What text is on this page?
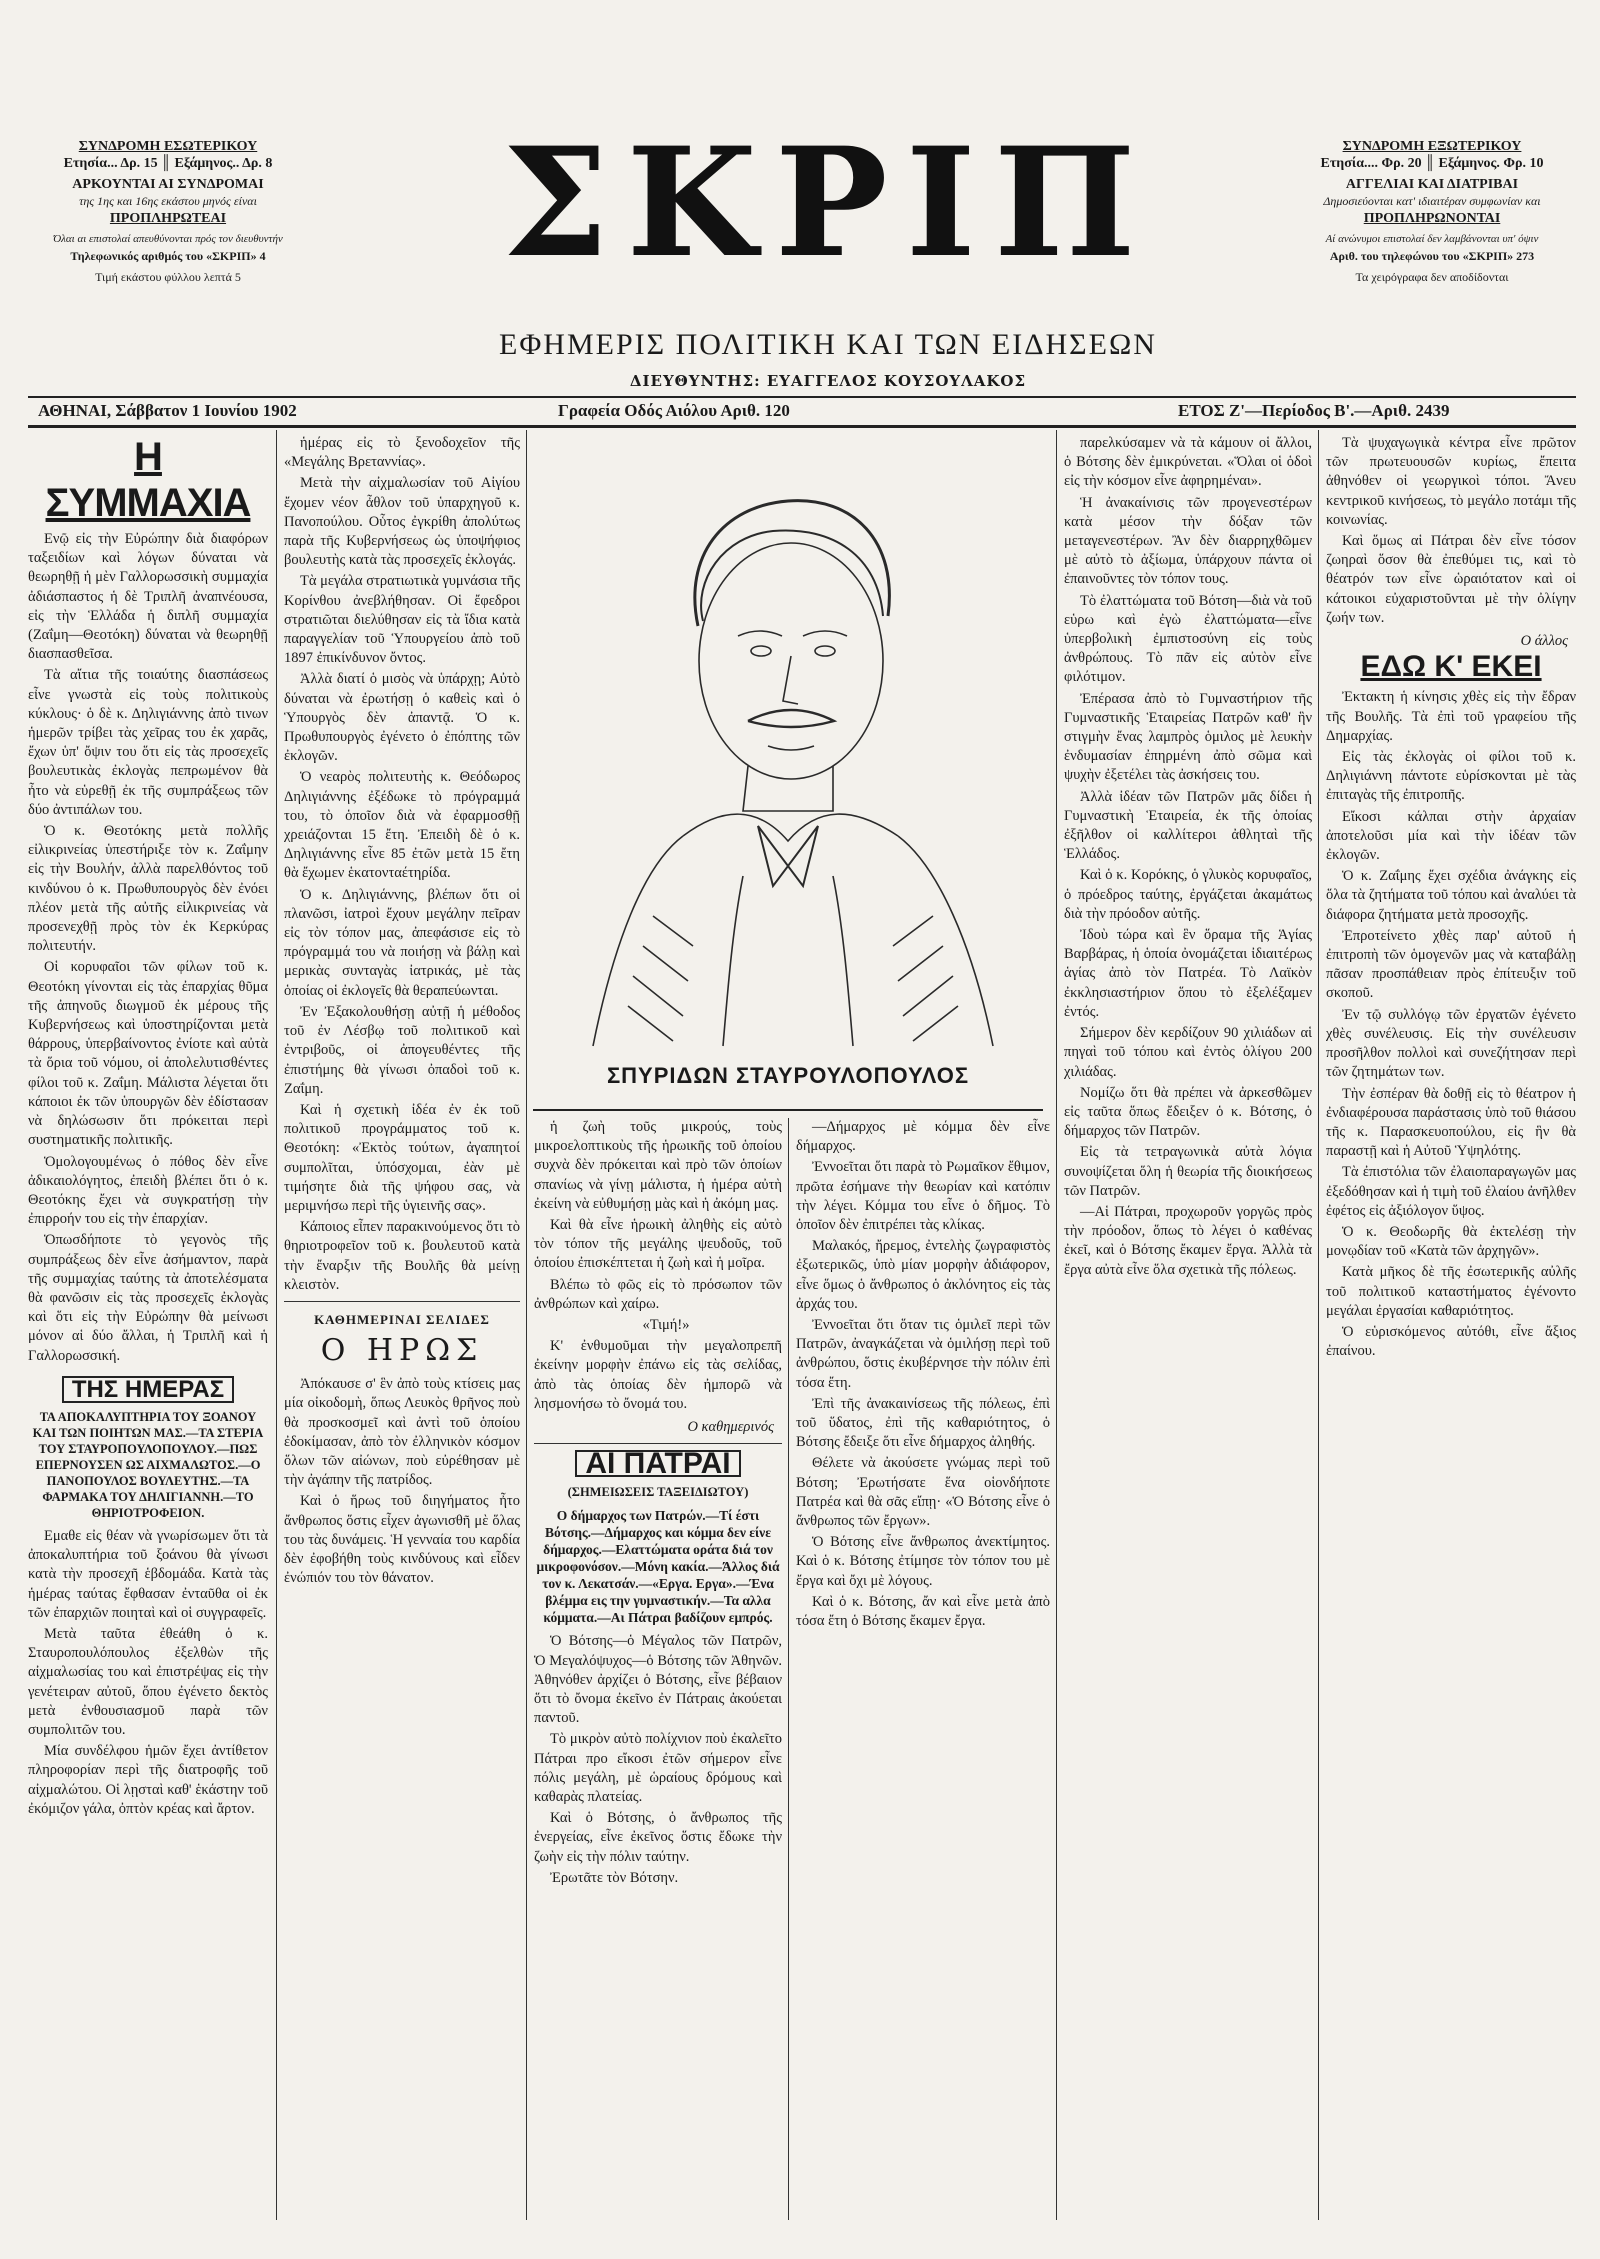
ΣΥΝΔΡΟΜΗ ΕΣΩΤΕΡΙΚΟΥ
Ετησία... Δρ. 15 ║ Εξάμηνος.. Δρ. 8
ΑΡΚΟΥΝΤΑΙ ΑΙ ΣΥΝΔΡΟΜΑΙ
της 1ης και 16ης εκάστου μηνός είναι
ΠΡΟΠΛΗΡΩΤΕΑΙ
Όλαι αι επιστολαί απευθύνονται πρός τον διευθυντήν
Τηλεφωνικός αριθμός του «ΣΚΡΙΠ» 4
Τιμή εκάστου φύλλου λεπτά 5	ΣΚΡΙΠ
ΕΦΗΜΕΡΙΣ ΠΟΛΙΤΙΚΗ ΚΑΙ ΤΩΝ ΕΙΔΗΣΕΩΝ
ΔΙΕΥΘΥΝΤΗΣ: ΕΥΑΓΓΕΛΟΣ ΚΟΥΣΟΥΛΑΚΟΣ
ΣΥΝΔΡΟΜΗ ΕΞΩΤΕΡΙΚΟΥ
Ετησία.... Φρ. 20 ║ Εξάμηνος. Φρ. 10
ΑΓΓΕΛΙΑΙ ΚΑΙ ΔΙΑΤΡΙΒΑΙ
Δημοσιεύονται κατ' ιδιαιτέραν συμφωνίαν και
ΠΡΟΠΛΗΡΩΝΟΝΤΑΙ
Αί ανώνυμοι επιστολαί δεν λαμβάνονται υπ' όψιν
Αριθ. του τηλεφώνου του «ΣΚΡΙΠ» 273
Τα χειρόγραφα δεν αποδίδονται
ΑΘΗΝΑΙ, Σάββατον 1 Ιουνίου 1902	Γραφεία Οδός Αιόλου Αριθ. 120	ΕΤΟΣ Ζ'—Περίοδος Β'.—Αριθ. 2439
Η ΣΥΜΜΑΧΙΑ

Ενῷ εἰς τὴν Εὐρώπην διὰ διαφόρων ταξειδίων καὶ λόγων δύναται νὰ θεωρηθῇ ἡ μὲν Γαλλορωσσικὴ συμμαχία ἀδιάσπαστος ἡ δὲ Τριπλῆ ἀναπνέουσα, εἰς τὴν Ἑλλάδα ἡ διπλῆ συμμαχία (Ζαΐμη—Θεοτόκη) δύναται νὰ θεωρηθῇ διασπασθεῖσα.

Τὰ αἴτια τῆς τοιαύτης διασπάσεως εἶνε γνωστὰ εἰς τοὺς πολιτικοὺς κύκλους· ὁ δὲ κ. Δηλιγιάννης ἀπὸ τινων ἡμερῶν τρίβει τὰς χεῖρας του ἐκ χαρᾶς, ἔχων ὑπ' ὄψιν του ὅτι εἰς τὰς προσεχεῖς βουλευτικὰς ἐκλογὰς πεπρωμένον θὰ ἦτο νὰ εὑρεθῇ ἐκ τῆς συμπράξεως τῶν δύο ἀντιπάλων του.

Ὁ κ. Θεοτόκης μετὰ πολλῆς εἰλικρινείας ὑπεστήριξε τὸν κ. Ζαΐμην εἰς τὴν Βουλήν, ἀλλὰ παρελθόντος τοῦ κινδύνου ὁ κ. Πρωθυπουργὸς δὲν ἐνόει πλέον μετὰ τῆς αὐτῆς εἰλικρινείας νὰ προσενεχθῇ πρὸς τὸν ἐκ Κερκύρας πολιτευτήν.

Οἱ κορυφαῖοι τῶν φίλων τοῦ κ. Θεοτόκη γίνονται εἰς τὰς ἐπαρχίας θῦμα τῆς ἀπηνοῦς διωγμοῦ ἐκ μέρους τῆς Κυβερνήσεως καὶ ὑποστηρίζονται μετὰ θάρρους, ὑπερβαίνοντος ἐνίοτε καὶ αὐτὰ τὰ ὅρια τοῦ νόμου, οἱ ἀπολελυτισθέντες φίλοι τοῦ κ. Ζαΐμη. Μάλιστα λέγεται ὅτι κάποιοι ἐκ τῶν ὑπουργῶν δὲν ἐδίστασαν νὰ δηλώσωσιν ὅτι πρόκειται περὶ συστηματικῆς πολιτικῆς.

Ὁμολογουμένως ὁ πόθος δὲν εἶνε ἀδικαιολόγητος, ἐπειδὴ βλέπει ὅτι ὁ κ. Θεοτόκης ἔχει νὰ συγκρατήσῃ τὴν ἐπιρροήν του εἰς τὴν ἐπαρχίαν.

Ὁπωσδήποτε τὸ γεγονὸς τῆς συμπράξεως δὲν εἶνε ἀσήμαντον, παρὰ τῆς συμμαχίας ταύτης τὰ ἀποτελέσματα θὰ φανῶσιν εἰς τὰς προσεχεῖς ἐκλογὰς καὶ ὅτι εἰς τὴν Εὐρώπην θὰ μείνωσι μόνον αἱ δύο ἄλλαι, ἡ Τριπλῆ καὶ ἡ Γαλλορωσσική.

ΤΗΣ ΗΜΕΡΑΣ
ΤΑ ΑΠΟΚΑΛΥΠΤΗΡΙΑ ΤΟΥ ΞΟΑΝΟΥ ΚΑΙ ΤΩΝ ΠΟΙΗΤΩΝ ΜΑΣ.—ΤΑ ΣΤΕΡΙΑ ΤΟΥ ΣΤΑΥΡΟΠΟΥΛΟΠΟΥΛΟΥ.—ΠΩΣ ΕΠΕΡΝΟΥΣΕΝ ΩΣ ΑΙΧΜΑΛΩΤΟΣ.—Ο ΠΑΝΟΠΟΥΛΟΣ ΒΟΥΛΕΥΤΗΣ.—ΤΑ ΦΑΡΜΑΚΑ ΤΟΥ ΔΗΛΙΓΙΑΝΝΗ.—ΤΟ ΘΗΡΙΟΤΡΟΦΕΙΟΝ.

Εμαθε εἰς θέαν νὰ γνωρίσωμεν ὅτι τὰ ἀποκαλυπτήρια τοῦ ξοάνου θὰ γίνωσι κατὰ τὴν προσεχῆ ἑβδομάδα. Κατὰ τὰς ἡμέρας ταύτας ἔφθασαν ἐνταῦθα οἱ ἐκ τῶν ἐπαρχιῶν ποιηταὶ καὶ οἱ συγγραφεῖς.

Μετὰ ταῦτα ἐθεάθη ὁ κ. Σταυροπουλόπουλος ἐξελθὼν τῆς αἰχμαλωσίας του καὶ ἐπιστρέψας εἰς τὴν γενέτειραν αὐτοῦ, ὅπου ἐγένετο δεκτὸς μετὰ ἐνθουσιασμοῦ παρὰ τῶν συμπολιτῶν του.

Μία συνδέλφου ἡμῶν ἔχει ἀντίθετον πληροφορίαν περὶ τῆς διατροφῆς τοῦ αἰχμαλώτου. Οἱ λῃσταὶ καθ' ἑκάστην τοῦ ἐκόμιζον γάλα, ὀπτὸν κρέας καὶ ἄρτον.

ἡμέρας εἰς τὸ ξενοδοχεῖον τῆς «Μεγάλης Βρεταννίας».

Μετὰ τὴν αἰχμαλωσίαν τοῦ Αἰγίου ἔχομεν νέον ἆθλον τοῦ ὑπαρχηγοῦ κ. Πανοπούλου. Οὗτος ἐγκρίθη ἀπολύτως παρὰ τῆς Κυβερνήσεως ὡς ὑποψήφιος βουλευτὴς κατὰ τὰς προσεχεῖς ἐκλογάς.

Τὰ μεγάλα στρατιωτικὰ γυμνάσια τῆς Κορίνθου ἀνεβλήθησαν. Οἱ ἔφεδροι στρατιῶται διελύθησαν εἰς τὰ ἴδια κατὰ παραγγελίαν τοῦ Ὑπουργείου ἀπὸ τοῦ 1897 ἐπικίνδυνον ὄντος.

Ἀλλὰ διατί ὁ μισὸς νὰ ὑπάρχῃ; Αὐτὸ δύναται νὰ ἐρωτήσῃ ὁ καθεὶς καὶ ὁ Ὑπουργὸς δὲν ἀπαντᾷ. Ὁ κ. Πρωθυπουργὸς ἐγένετο ὁ ἐπόπτης τῶν ἐκλογῶν.

Ὁ νεαρὸς πολιτευτὴς κ. Θεόδωρος Δηλιγιάννης ἐξέδωκε τὸ πρόγραμμά του, τὸ ὁποῖον διὰ νὰ ἐφαρμοσθῇ χρειάζονται 15 ἔτη. Ἐπειδὴ δὲ ὁ κ. Δηλιγιάννης εἶνε 85 ἐτῶν μετὰ 15 ἔτη θὰ ἔχωμεν ἑκατονταέτηρίδα.

Ὁ κ. Δηλιγιάννης, βλέπων ὅτι οἱ πλανῶσι, ἰατροὶ ἔχουν μεγάλην πεῖραν εἰς τὸν τόπον μας, ἀπεφάσισε εἰς τὸ πρόγραμμά του νὰ ποιήσῃ νὰ βάλῃ καὶ μερικὰς συνταγὰς ἰατρικάς, μὲ τὰς ὁποίας οἱ ἐκλογεῖς θὰ θεραπεύωνται.

Ἐν Ἐξακολουθήσῃ αὐτῇ ἡ μέθοδος τοῦ ἐν Λέσβῳ τοῦ πολιτικοῦ καὶ ἐντριβοῦς, οἱ ἀπογευθέντες τῆς ἐπιστήμης θὰ γίνωσι ὀπαδοὶ τοῦ κ. Ζαΐμη.

Καὶ ἡ σχετικὴ ἰδέα ἐν ἐκ τοῦ πολιτικοῦ προγράμματος τοῦ κ. Θεοτόκη: «Ἐκτὸς τούτων, ἀγαπητοί συμπολῖται, ὑπόσχομαι, ἐὰν μὲ τιμήσητε διὰ τῆς ψήφου σας, νὰ μεριμνήσω περὶ τῆς ὑγιεινῆς σας».

Κάποιος εἶπεν παρακινούμενος ὅτι τὸ θηριοτροφεῖον τοῦ κ. βουλευτοῦ κατὰ τὴν ἔναρξιν τῆς Βουλῆς θὰ μείνῃ κλειστὸν.

ΚΑΘΗΜΕΡΙΝΑΙ ΣΕΛΙΔΕΣ
Ο ΗΡΩΣ

Ἀπόκαυσε σ' ἓν ἀπὸ τοὺς κτίσεις μας μία οἰκοδομὴ, ὅπως Λευκὸς θρῆνος ποὺ θὰ προσκοσμεῖ καὶ ἀντὶ τοῦ ὁποίου ἐδοκίμασαν, ἀπὸ τὸν ἐλληνικὸν κόσμον ὅλων τῶν αἰώνων, ποὺ εὐρέθησαν μὲ τὴν ἀγάπην τῆς πατρίδος.

Καὶ ὁ ἥρως τοῦ διηγήματος ἦτο ἄνθρωπος ὅστις εἶχεν ἀγωνισθῆ μὲ ὅλας του τὰς δυνάμεις. Ἡ γενναία του καρδία δὲν ἐφοβήθη τοὺς κινδύνους καὶ εἶδεν ἐνώπιόν του τὸν θάνατον.

ΣΠΥΡΙΔΩΝ ΣΤΑΥΡΟΥΛΟΠΟΥΛΟΣ

ἡ ζωὴ τοῦς μικρούς, τοὺς μικροελοπτικοὺς τῆς ἡρωικῆς τοῦ ὁποίου συχνὰ δὲν πρόκειται καὶ πρὸ τῶν ὁποίων σπανίως νὰ γίνῃ μάλιστα, ἡ ἡμέρα αὐτὴ ἐκείνη νὰ εὐθυμήσῃ μὰς καὶ ἡ ἀκόμη μας.

Καὶ θὰ εἶνε ἡρωικὴ ἀληθὴς εἰς αὐτὸ τὸν τόπον τῆς μεγάλης ψευδοῦς, τοῦ ὁποίου ἐπισκέπτεται ἡ ζωὴ καὶ ἡ μοῖρα.

Βλέπω τὸ φῶς εἰς τὸ πρόσωπον τῶν ἀνθρώπων καὶ χαίρω.

«Τιμή!»

Κ' ἐνθυμοῦμαι τὴν μεγαλοπρεπῆ ἐκείνην μορφὴν ἐπάνω εἰς τὰς σελίδας, ἀπὸ τὰς ὁποίας δὲν ἠμπορῶ νὰ λησμονήσω τὸ ὄνομά του.

Ο καθημερινός
ΑΙ ΠΑΤΡΑΙ
(ΣΗΜΕΙΩΣΕΙΣ ΤΑΞΕΙΔΙΩΤΟΥ)
Ο δήμαρχος των Πατρών.—Τί έστι Βότσης.—Δήμαρχος και κόμμα δεν είνε δήμαρχος.—Ελαττώματα οράτα διά τον μικροφονόσον.—Μόνη κακία.—Άλλος διά τον κ. Λεκατσάν.—«Εργα. Εργα».—Ένα βλέμμα εις την γυμναστικήν.—Τα αλλα κόμματα.—Αι Πάτραι βαδίζουν εμπρός.

Ὁ Βότσης—ὁ Μέγαλος τῶν Πατρῶν, Ὁ Μεγαλόψυχος—ὁ Βότσης τῶν Ἀθηνῶν. Ἀθηνόθεν ἀρχίζει ὁ Βότσης, εἶνε βέβαιον ὅτι τὸ ὄνομα ἐκεῖνο ἐν Πάτραις ἀκούεται παντοῦ.

Τὸ μικρὸν αὐτὸ πολίχνιον ποὺ ἐκαλεῖτο Πάτραι προ εἴκοσι ἐτῶν σήμερον εἶνε πόλις μεγάλη, μὲ ὡραίους δρόμους καὶ καθαρὰς πλατείας.

Καὶ ὁ Βότσης, ὁ ἄνθρωπος τῆς ἐνεργείας, εἶνε ἐκεῖνος ὅστις ἔδωκε τὴν ζωὴν εἰς τὴν πόλιν ταύτην.

Ἐρωτᾶτε τὸν Βότσην.

—Δήμαρχος μὲ κόμμα δὲν εἶνε δήμαρχος.

Ἐννοεῖται ὅτι παρὰ τὸ Ρωμαῖκον ἔθιμον, πρῶτα ἐσήμανε τὴν θεωρίαν καὶ κατόπιν τὴν λέγει. Κόμμα του εἶνε ὁ δῆμος. Τὸ ὁποῖον δὲν ἐπιτρέπει τὰς κλίκας.

Μαλακός, ἤρεμος, ἐντελὴς ζωγραφιστὸς ἐξωτερικῶς, ὑπὸ μίαν μορφὴν ἀδιάφορον, εἶνε ὅμως ὁ ἄνθρωπος ὁ ἀκλόνητος εἰς τὰς ἀρχάς του.

Ἐννοεῖται ὅτι ὅταν τις ὁμιλεῖ περὶ τῶν Πατρῶν, ἀναγκάζεται νὰ ὁμιλήσῃ περὶ τοῦ ἀνθρώπου, ὅστις ἐκυβέρνησε τὴν πόλιν ἐπὶ τόσα ἔτη.

Ἐπὶ τῆς ἀνακαινίσεως τῆς πόλεως, ἐπὶ τοῦ ὕδατος, ἐπὶ τῆς καθαριότητος, ὁ Βότσης ἔδειξε ὅτι εἶνε δήμαρχος ἀληθής.

Θέλετε νὰ ἀκούσετε γνώμας περὶ τοῦ Βότση; Ἐρωτήσατε ἕνα οἱονδήποτε Πατρέα καὶ θὰ σᾶς εἴπῃ· «Ὁ Βότσης εἶνε ὁ ἄνθρωπος τῶν ἔργων».

Ὁ Βότσης εἶνε ἄνθρωπος ἀνεκτίμητος. Καὶ ὁ κ. Βότσης ἐτίμησε τὸν τόπον του μὲ ἔργα καὶ ὄχι μὲ λόγους.

Καὶ ὁ κ. Βότσης, ἄν καὶ εἶνε μετὰ ἀπὸ τόσα ἔτη ὁ Βότσης ἔκαμεν ἔργα.

παρελκύσαμεν νὰ τὰ κάμουν οἱ ἄλλοι, ὁ Βότσης δὲν ἐμικρύνεται. «Ὅλαι οἱ ὁδοὶ εἰς τὴν κόσμον εἶνε ἀφηρημέναι».

Ἡ ἀνακαίνισις τῶν προγενεστέρων κατὰ μέσον τὴν δόξαν τῶν μεταγενεστέρων. Ἂν δὲν διαρρηχθῶμεν μὲ αὐτὸ τὸ ἀξίωμα, ὑπάρχουν πάντα οἱ ἐπαινοῦντες τὸν τόπον τους.

Τὸ ἐλαττώματα τοῦ Βότση—διὰ νὰ τοῦ εὑρω καὶ ἐγὼ ἐλαττώματα—εἶνε ὑπερβολικὴ ἐμπιστοσύνη εἰς τοὺς ἀνθρώπους. Τὸ πᾶν εἰς αὐτὸν εἶνε φιλότιμον.

Ἐπέρασα ἀπὸ τὸ Γυμναστήριον τῆς Γυμναστικῆς Ἑταιρείας Πατρῶν καθ' ἣν στιγμὴν ἔνας λαμπρὸς ὁμιλος μὲ λευκὴν ἐνδυμασίαν ἐπηρμένη ἀπὸ σῶμα καὶ ψυχὴν ἐξετέλει τὰς ἀσκήσεις του.

Ἀλλὰ ἰδέαν τῶν Πατρῶν μᾶς δίδει ἡ Γυμναστικὴ Ἑταιρεία, ἐκ τῆς ὁποίας ἐξῆλθον οἱ καλλίτεροι ἀθληταὶ τῆς Ἑλλάδος.

Καὶ ὁ κ. Κορόκης, ὁ γλυκὸς κορυφαῖος, ὁ πρόεδρος ταύτης, ἐργάζεται ἀκαμάτως διὰ τὴν πρόοδον αὐτῆς.

Ἰδοὺ τώρα καὶ ἓν ὅραμα τῆς Ἁγίας Βαρβάρας, ἡ ὁποία ὀνομάζεται ἰδιαιτέρως ἁγίας ἀπὸ τὸν Πατρέα. Τὸ Λαϊκὸν ἐκκλησιαστήριον ὅπου τὸ ἐξελέξαμεν ἐντός.

Σήμερον δὲν κερδίζουν 90 χιλιάδων αἱ πηγαὶ τοῦ τόπου καὶ ἐντὸς ὀλίγου 200 χιλιάδας.

Νομίζω ὅτι θὰ πρέπει νὰ ἀρκεσθῶμεν εἰς ταῦτα ὅπως ἔδειξεν ὁ κ. Βότσης, ὁ δήμαρχος τῶν Πατρῶν.

Εἰς τὰ τετραγωνικὰ αὐτὰ λόγια συνοψίζεται ὅλη ἡ θεωρία τῆς διοικήσεως τῶν Πατρῶν.

—Αἱ Πάτραι, προχωροῦν γοργῶς πρὸς τὴν πρόοδον, ὅπως τὸ λέγει ὁ καθένας ἐκεῖ, καὶ ὁ Βότσης ἔκαμεν ἔργα. Ἀλλὰ τὰ ἔργα αὐτὰ εἶνε ὅλα σχετικὰ τῆς πόλεως.

Τὰ ψυχαγωγικὰ κέντρα εἶνε πρῶτον τῶν πρωτευουσῶν κυρίως, ἔπειτα ἀθηνόθεν οἱ γεωργικοὶ τόποι. Ἄνευ κεντρικοῦ κινήσεως, τὸ μεγάλο ποτάμι τῆς κοινωνίας.

Καὶ ὅμως αἱ Πάτραι δὲν εἶνε τόσον ζωηραὶ ὅσον θὰ ἐπεθύμει τις, καὶ τὸ θέατρόν των εἶνε ὡραιότατον καὶ οἱ κάτοικοι εὐχαριστοῦνται μὲ τὴν ὀλίγην ζωήν των.

Ο άλλος
ΕΔΩ Κ' ΕΚΕΙ

Ἐκτακτη ἡ κίνησις χθὲς εἰς τὴν ἔδραν τῆς Βουλῆς. Τὰ ἐπὶ τοῦ γραφείου τῆς Δημαρχίας.

Εἰς τὰς ἐκλογὰς οἱ φίλοι τοῦ κ. Δηλιγιάννη πάντοτε εὑρίσκονται μὲ τὰς ἐπιταγὰς τῆς ἐπιτροπῆς.

Εἴκοσι κάλπαι στὴν ἀρχαίαν ἀποτελοῦσι μία καὶ τὴν ἰδέαν τῶν ἐκλογῶν.

Ὁ κ. Ζαΐμης ἔχει σχέδια ἀνάγκης εἰς ὅλα τὰ ζητήματα τοῦ τόπου καὶ ἀναλύει τὰ διάφορα ζητήματα μετὰ προσοχῆς.

Ἐπροτείνετο χθὲς παρ' αὐτοῦ ἡ ἐπιτροπὴ τῶν ὁμογενῶν μας νὰ καταβάλῃ πᾶσαν προσπάθειαν πρὸς ἐπίτευξιν τοῦ σκοποῦ.

Ἐν τῷ συλλόγῳ τῶν ἐργατῶν ἐγένετο χθὲς συνέλευσις. Εἰς τὴν συνέλευσιν προσῆλθον πολλοὶ καὶ συνεζήτησαν περὶ τῶν ζητημάτων των.

Τὴν ἐσπέραν θὰ δοθῇ εἰς τὸ θέατρον ἡ ἐνδιαφέρουσα παράστασις ὑπὸ τοῦ θιάσου τῆς κ. Παρασκευοπούλου, εἰς ἣν θὰ παραστῇ καὶ ἡ Αὐτοῦ Ὑψηλότης.

Τὰ ἐπιστόλια τῶν ἐλαιοπαραγωγῶν μας ἐξεδόθησαν καὶ ἡ τιμὴ τοῦ ἐλαίου ἀνῆλθεν ἐφέτος εἰς ἀξιόλογον ὕψος.

Ὁ κ. Θεοδωρῆς θὰ ἐκτελέσῃ τὴν μονῳδίαν τοῦ «Κατὰ τῶν ἀρχηγῶν».

Κατὰ μῆκος δὲ τῆς ἐσωτερικῆς αὐλῆς τοῦ πολιτικοῦ καταστήματος ἐγένοντο μεγάλαι ἐργασίαι καθαριότητος.

Ὁ εὑρισκόμενος αὐτόθι, εἶνε ἄξιος ἐπαίνου.
